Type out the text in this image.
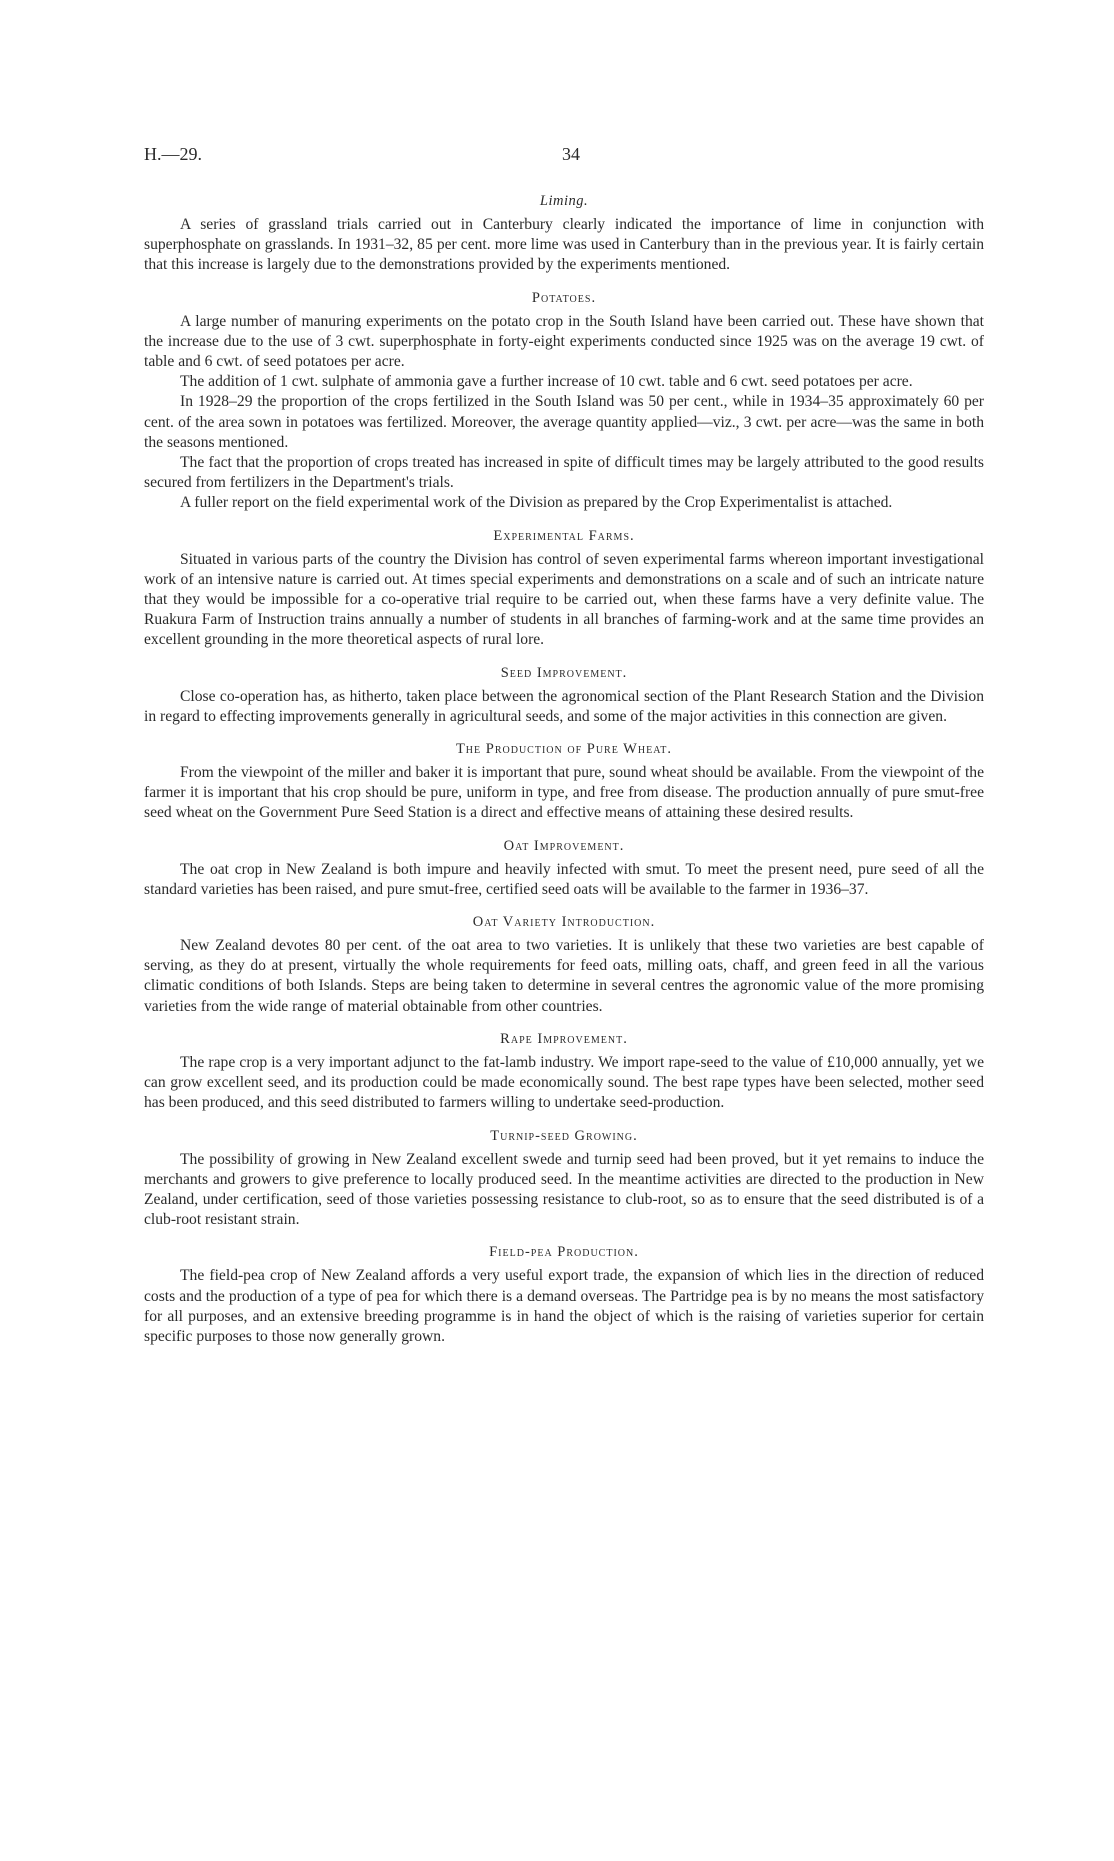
H.—29.	34
Liming.

A series of grassland trials carried out in Canterbury clearly indicated the importance of lime in conjunction with superphosphate on grasslands. In 1931–32, 85 per cent. more lime was used in Canterbury than in the previous year. It is fairly certain that this increase is largely due to the demonstrations provided by the experiments mentioned.

Potatoes.

A large number of manuring experiments on the potato crop in the South Island have been carried out. These have shown that the increase due to the use of 3 cwt. superphosphate in forty-eight experiments conducted since 1925 was on the average 19 cwt. of table and 6 cwt. of seed potatoes per acre.

The addition of 1 cwt. sulphate of ammonia gave a further increase of 10 cwt. table and 6 cwt. seed potatoes per acre.

In 1928–29 the proportion of the crops fertilized in the South Island was 50 per cent., while in 1934–35 approximately 60 per cent. of the area sown in potatoes was fertilized. Moreover, the average quantity applied—viz., 3 cwt. per acre—was the same in both the seasons mentioned.

The fact that the proportion of crops treated has increased in spite of difficult times may be largely attributed to the good results secured from fertilizers in the Department's trials.

A fuller report on the field experimental work of the Division as prepared by the Crop Experimentalist is attached.

Experimental Farms.

Situated in various parts of the country the Division has control of seven experimental farms whereon important investigational work of an intensive nature is carried out. At times special experiments and demonstrations on a scale and of such an intricate nature that they would be impossible for a co-operative trial require to be carried out, when these farms have a very definite value. The Ruakura Farm of Instruction trains annually a number of students in all branches of farming-work and at the same time provides an excellent grounding in the more theoretical aspects of rural lore.

Seed Improvement.

Close co-operation has, as hitherto, taken place between the agronomical section of the Plant Research Station and the Division in regard to effecting improvements generally in agricultural seeds, and some of the major activities in this connection are given.

The Production of Pure Wheat.

From the viewpoint of the miller and baker it is important that pure, sound wheat should be available. From the viewpoint of the farmer it is important that his crop should be pure, uniform in type, and free from disease. The production annually of pure smut-free seed wheat on the Government Pure Seed Station is a direct and effective means of attaining these desired results.

Oat Improvement.

The oat crop in New Zealand is both impure and heavily infected with smut. To meet the present need, pure seed of all the standard varieties has been raised, and pure smut-free, certified seed oats will be available to the farmer in 1936–37.

Oat Variety Introduction.

New Zealand devotes 80 per cent. of the oat area to two varieties. It is unlikely that these two varieties are best capable of serving, as they do at present, virtually the whole requirements for feed oats, milling oats, chaff, and green feed in all the various climatic conditions of both Islands. Steps are being taken to determine in several centres the agronomic value of the more promising varieties from the wide range of material obtainable from other countries.

Rape Improvement.

The rape crop is a very important adjunct to the fat-lamb industry. We import rape-seed to the value of £10,000 annually, yet we can grow excellent seed, and its production could be made economically sound. The best rape types have been selected, mother seed has been produced, and this seed distributed to farmers willing to undertake seed-production.

Turnip-seed Growing.

The possibility of growing in New Zealand excellent swede and turnip seed had been proved, but it yet remains to induce the merchants and growers to give preference to locally produced seed. In the meantime activities are directed to the production in New Zealand, under certification, seed of those varieties possessing resistance to club-root, so as to ensure that the seed distributed is of a club-root resistant strain.

Field-pea Production.

The field-pea crop of New Zealand affords a very useful export trade, the expansion of which lies in the direction of reduced costs and the production of a type of pea for which there is a demand overseas. The Partridge pea is by no means the most satisfactory for all purposes, and an extensive breeding programme is in hand the object of which is the raising of varieties superior for certain specific purposes to those now generally grown.
